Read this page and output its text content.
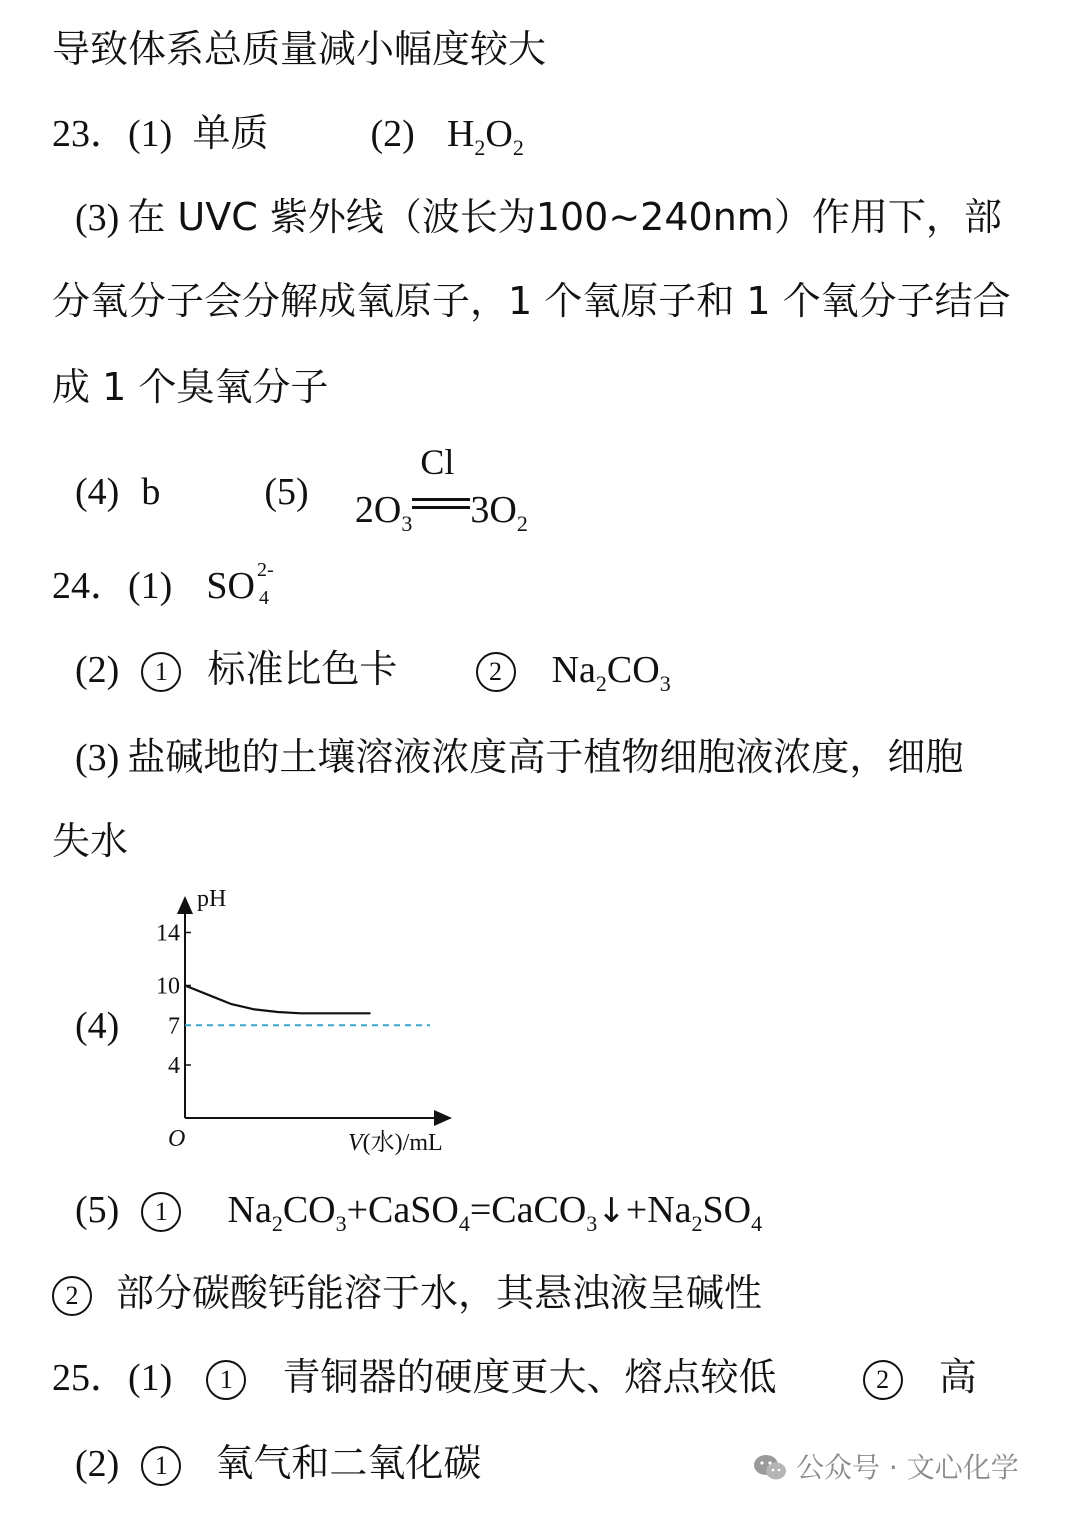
导致体系总质量减小幅度较大
23．(1) 单质	(2) $H_2O_2$
(3) 在 UVC 紫外线（波长为100~240nm）作用下，部
分氧分子会分解成氧原子，1 个氧原子和 1 个氧分子结合
成 1 个臭氧分子
(4) b	(5) $2O_3$
Cl
$3O_2$
24．(1) SO 2-
4
(2) 1 标准比色卡	2 $Na_2CO_3$
(3) 盐碱地的土壤溶液浓度高于植物细胞液浓度，细胞
失水
(4)
pH
O	V(水)/mL
14
10
7
4
(5) 1 $Na_2CO_3+CaSO_4=CaCO_3↓+Na_2SO_4$
2 部分碳酸钙能溶于水，其悬浊液呈碱性
25．(1) 1 青铜器的硬度更大、熔点较低	2 高
(2) 1 氧气和二氧化碳	公众号 · 文心化学
